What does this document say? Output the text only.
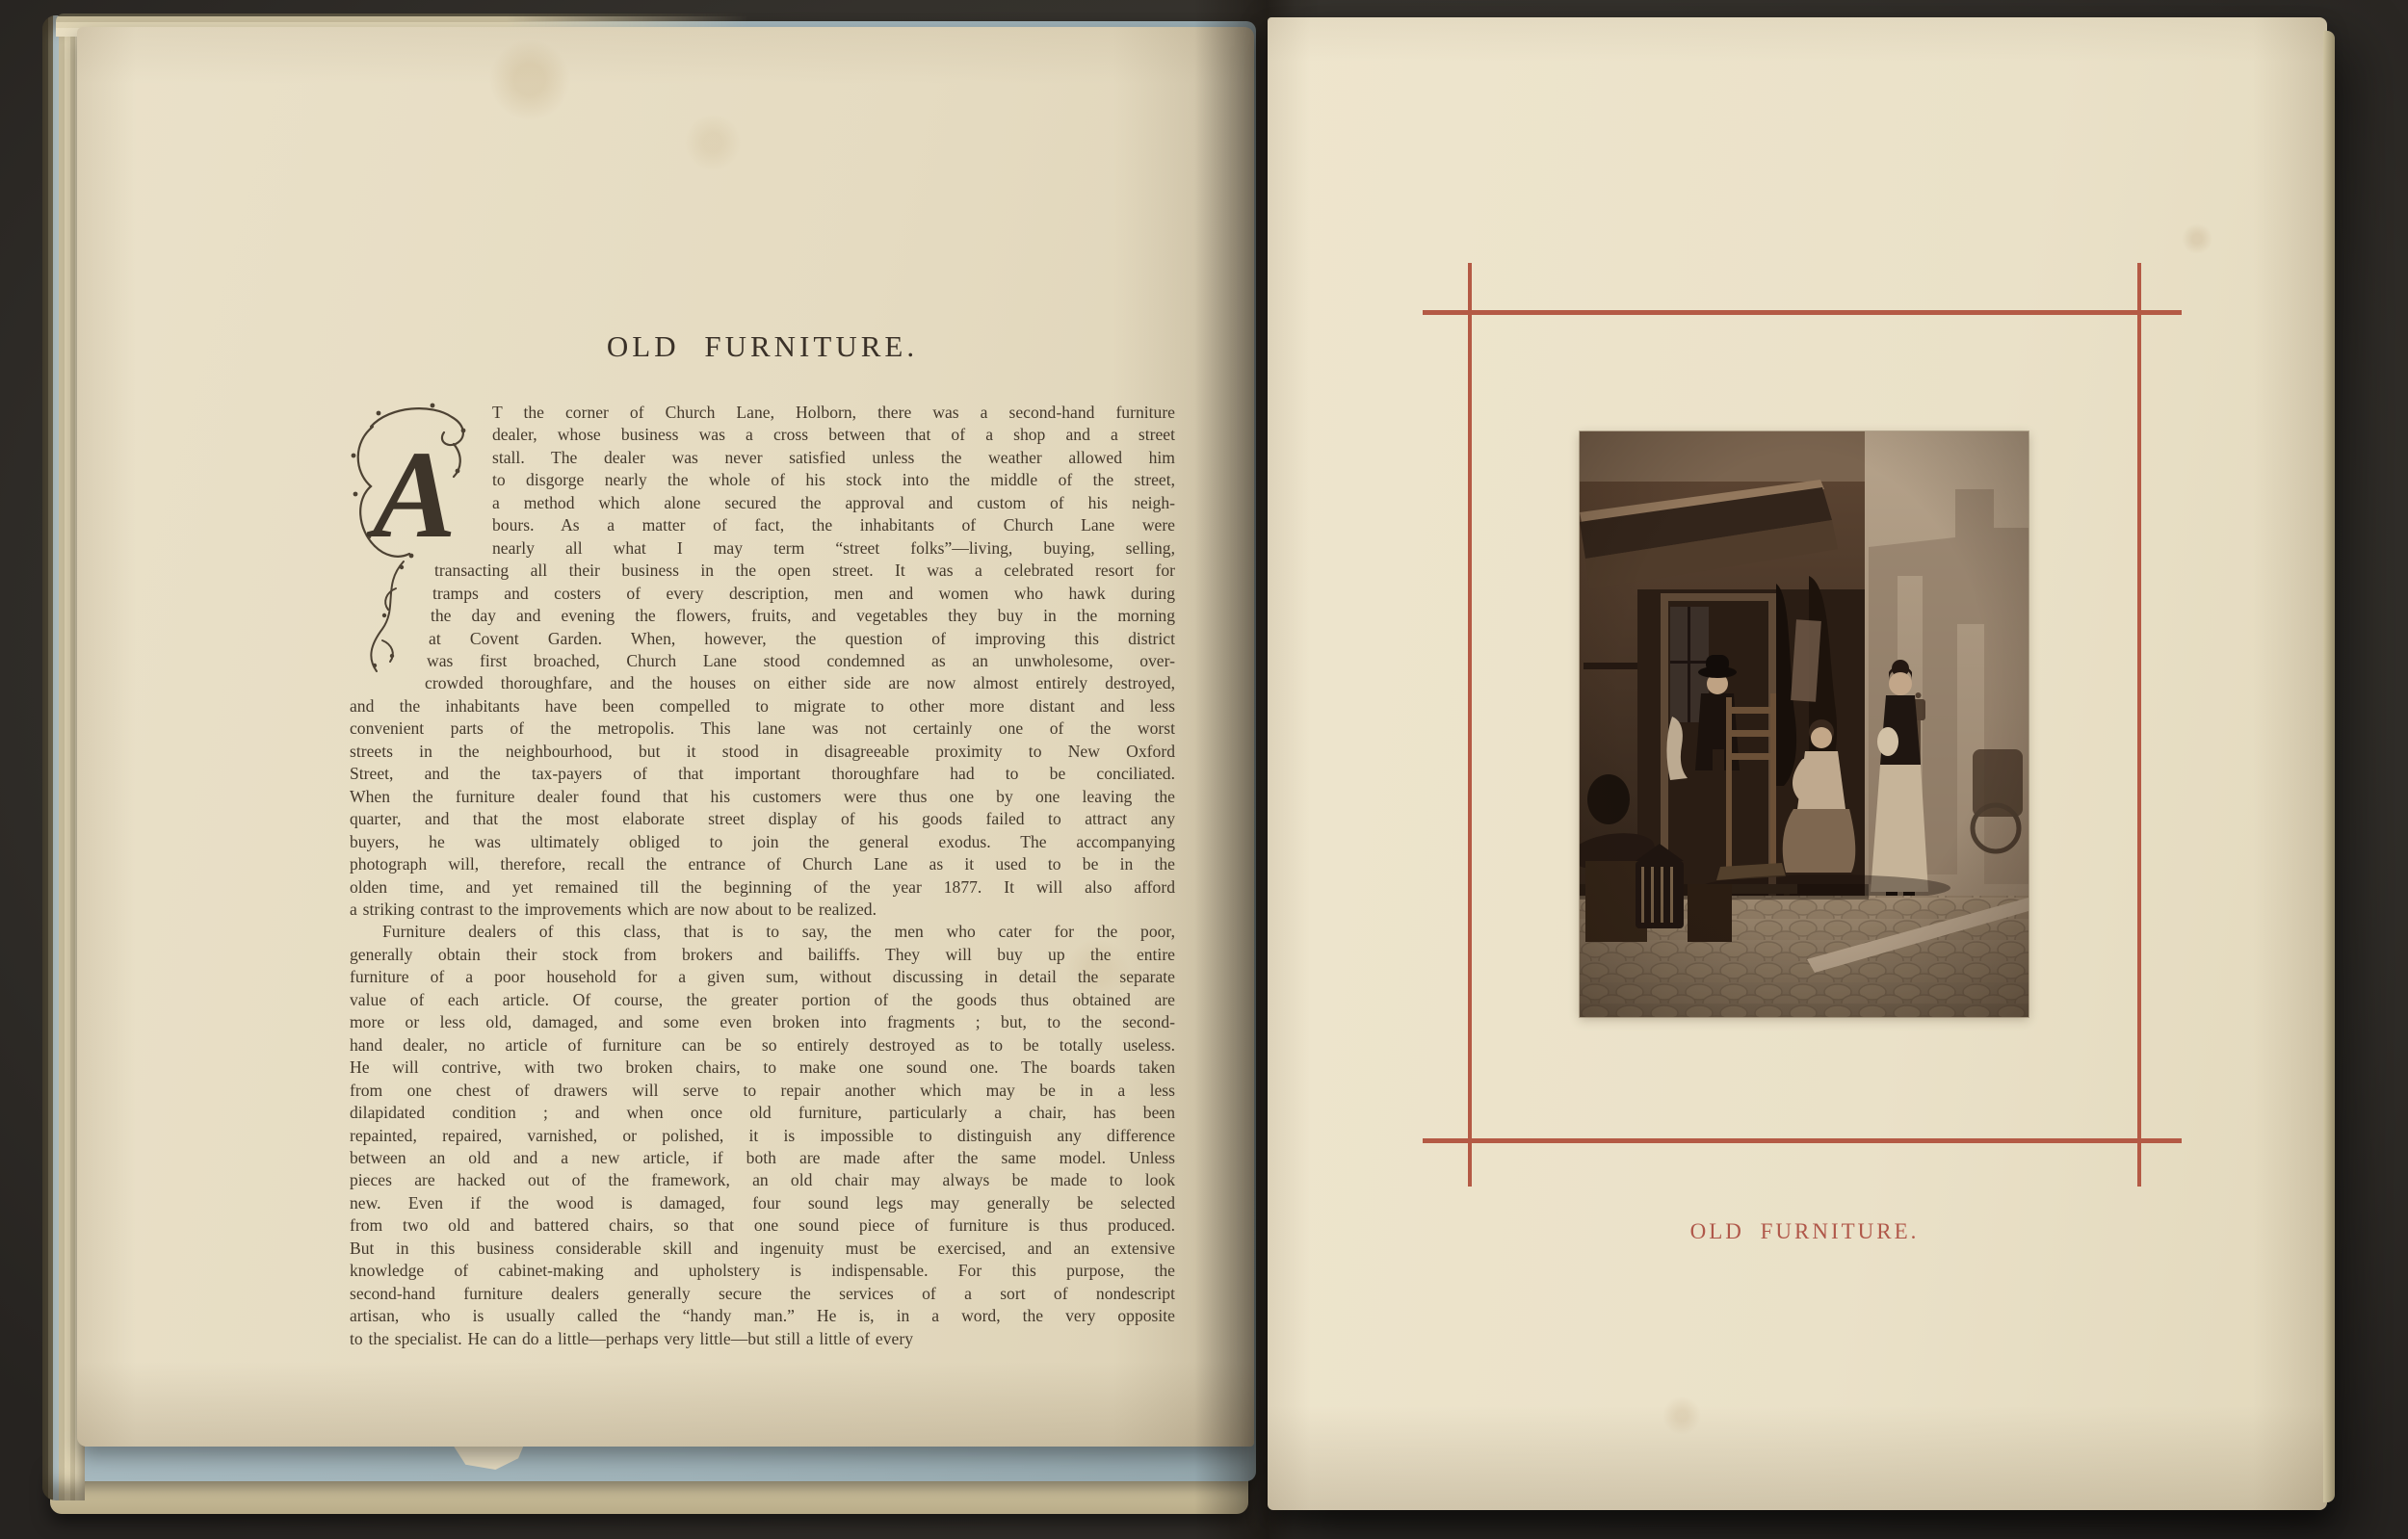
OLD FURNITURE.
A
T the corner of Church Lane, Holborn, there was a second-hand furniture
dealer, whose business was a cross between that of a shop and a street
stall. The dealer was never satisfied unless the weather allowed him
to disgorge nearly the whole of his stock into the middle of the street,
a method which alone secured the approval and custom of his neigh-
bours. As a matter of fact, the inhabitants of Church Lane were
nearly all what I may term “street folks”—living, buying, selling,
transacting all their business in the open street. It was a celebrated resort for
tramps and costers of every description, men and women who hawk during
the day and evening the flowers, fruits, and vegetables they buy in the morning
at Covent Garden. When, however, the question of improving this district
was first broached, Church Lane stood condemned as an unwholesome, over-
crowded thoroughfare, and the houses on either side are now almost entirely destroyed,
and the inhabitants have been compelled to migrate to other more distant and less
convenient parts of the metropolis. This lane was not certainly one of the worst
streets in the neighbourhood, but it stood in disagreeable proximity to New Oxford
Street, and the tax-payers of that important thoroughfare had to be conciliated.
When the furniture dealer found that his customers were thus one by one leaving the
quarter, and that the most elaborate street display of his goods failed to attract any
buyers, he was ultimately obliged to join the general exodus. The accompanying
photograph will, therefore, recall the entrance of Church Lane as it used to be in the
olden time, and yet remained till the beginning of the year 1877. It will also afford
a striking contrast to the improvements which are now about to be realized.
Furniture dealers of this class, that is to say, the men who cater for the poor,
generally obtain their stock from brokers and bailiffs. They will buy up the entire
furniture of a poor household for a given sum, without discussing in detail the separate
value of each article. Of course, the greater portion of the goods thus obtained are
more or less old, damaged, and some even broken into fragments ; but, to the second-
hand dealer, no article of furniture can be so entirely destroyed as to be totally useless.
He will contrive, with two broken chairs, to make one sound one. The boards taken
from one chest of drawers will serve to repair another which may be in a less
dilapidated condition ; and when once old furniture, particularly a chair, has been
repainted, repaired, varnished, or polished, it is impossible to distinguish any difference
between an old and a new article, if both are made after the same model. Unless
pieces are hacked out of the framework, an old chair may always be made to look
new. Even if the wood is damaged, four sound legs may generally be selected
from two old and battered chairs, so that one sound piece of furniture is thus produced.
But in this business considerable skill and ingenuity must be exercised, and an extensive
knowledge of cabinet-making and upholstery is indispensable. For this purpose, the
second-hand furniture dealers generally secure the services of a sort of nondescript
artisan, who is usually called the “handy man.” He is, in a word, the very opposite
to the specialist. He can do a little—perhaps very little—but still a little of every
OLD FURNITURE.
